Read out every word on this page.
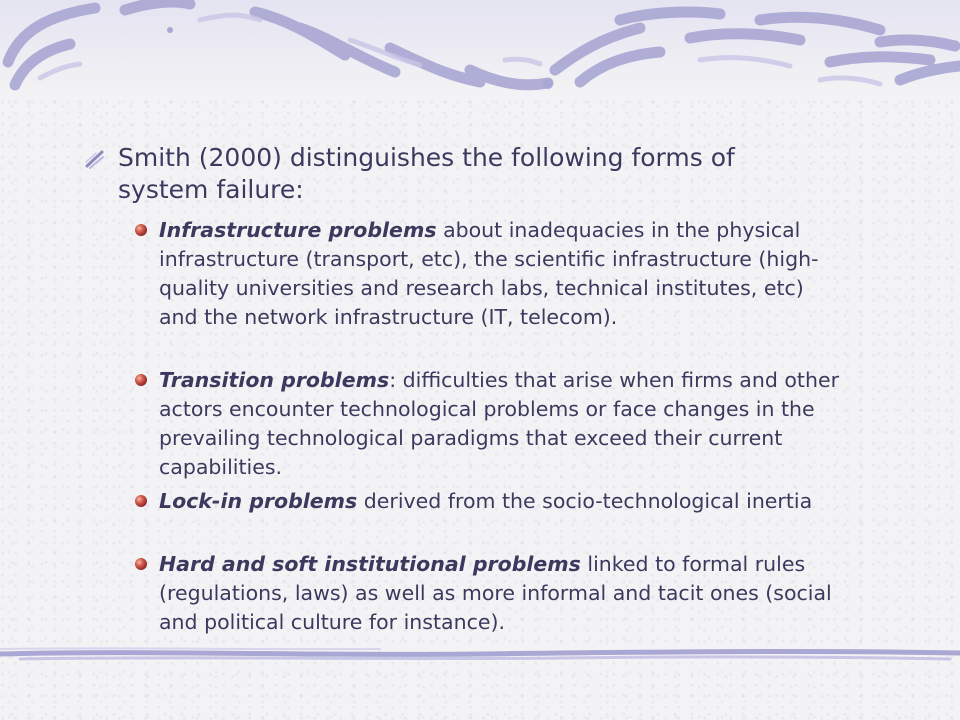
Smith (2000) distinguishes the following forms of system failure:
Infrastructure problems about inadequacies in the physical infrastructure (transport, etc), the scientific infrastructure (high-quality universities and research labs, technical institutes, etc) and the network infrastructure (IT, telecom).
Transition problems: difficulties that arise when firms and other actors encounter technological problems or face changes in the prevailing technological paradigms that exceed their current capabilities.
Lock-in problems derived from the socio-technological inertia
Hard and soft institutional problems linked to formal rules (regulations, laws) as well as more informal and tacit ones (social and political culture for instance).
